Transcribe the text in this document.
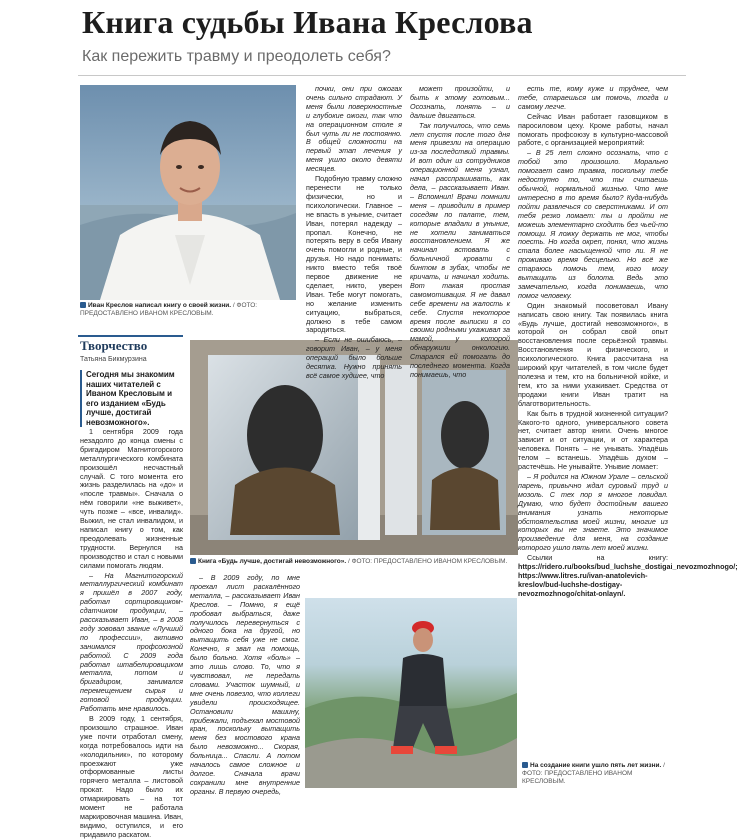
Книга судьбы Ивана Креслова
Как пережить травму и преодолеть себя?
Иван Креслов написал книгу о своей жизни. / ФОТО: ПРЕДОСТАВЛЕНО ИВАНОМ КРЕСЛОВЫМ.
Книга «Будь лучше, достигай невозможного». / ФОТО: ПРЕДОСТАВЛЕНО ИВАНОМ КРЕСЛОВЫМ.
На создание книги ушло пять лет жизни. / ФОТО: ПРЕДОСТАВЛЕНО ИВАНОМ КРЕСЛОВЫМ.
Творчество
Татьяна Бикмурзина
Сегодня мы знакомим наших читателей с Иваном Кресловым и его изданием «Будь лучше, достигай невозможного».

1 сентября 2009 года незадолго до конца смены с бригадиром Магнитогорского металлургического комбината произошёл несчастный случай. С того момента его жизнь разделилась на «до» и «после травмы». Сначала о нём говорили «не выживет», чуть позже – «все, инвалид». Выжил, не стал инвалидом, и написал книгу о том, как преодолевать жизненные трудности. Вернулся на производство и стал с новыми силами помогать людям.

– На Магнитогорский металлургический комбинат я пришёл в 2007 году, работал сортировщиком-сдатчиком продукции, – рассказывает Иван, – в 2008 году зововал звание «Лучший по профессии», активно занимался профсоюзной работой. С 2009 года работал штабелировщиком металла, потом и бригадиром, занимался перемещением сырья и готовой продукции. Работать мне нравилось.

В 2009 году, 1 сентября, произошло страшное. Иван уже почти отработал смену, когда потребовалось идти на «колодильник», по которому проезжают уже отформованные листы горячего металла – листовой прокат. Надо было их отмаркировать – на тот момент не работала маркировочная машина. Иван, видимо, оступился, и его придавило раскатом.

почки, они при ожогах очень сильно страдают. У меня были поверхностные и глубокие ожоги, так что на операционном столе я был чуть ли не постоянно. В общей сложности на первый этап лечения у меня ушло около девяти месяцев.

Подобную травму сложно перенести не только физически, но и психологически. Главное – не впасть в уныние, считает Иван, потерял надежду – пропал. Конечно, не потерять веру в себя Ивану очень помогли и родные, и друзья. Но надо понимать: никто вместо тебя твоё первое движение не сделает, никто, уверен Иван. Тебе могут помогать, но желание изменить ситуацию, выбраться, должно в тебе самом зародиться.

– Если не ошибаюсь, – говорит Иван, – у меня операций было больше десятка. Нужно принять всё самое худшее, что

может произойти, и быть к этому готовым... Осознать, понять – и дальше двигаться.

Так получилось, что семь лет спустя после того дня меня привезли на операцию из-за последствий травмы. И вот один из сотрудников операционной меня узнал, начал расспрашивать, как дела, – рассказывает Иван. – Вспомнил! Врачи помнили меня – приводили в пример соседям по палате, тем, которые впадали в уныние, не хотели заниматься восстановлением. Я же начинал встовать с больничной кровати с бинтом в зубах, чтобы не кричать, и начинал ходить. Вот такая простая самомотивация. Я не давал себе времени на жалость к себе. Спустя некоторое время после выписки я со своими родными ухаживал за мамой, у которой обнаружили онкологию. Старался ей помогать до последнего момента. Когда понимаешь, что

– В 2009 году, по мне проехал лист раскалённого металла, – рассказывает Иван Креслов. – Помню, я ещё пробовал выбраться, даже получилось перевернуться с одного бока на другой, но вытащить себя уже не смог. Конечно, я звал на помощь, было больно. Хотя «боль» – это лишь слово. То, что я чувствовал, не передать словами. Участок шумный, и мне очень повезло, что коллеги увидели происходящее. Остановили машину, прибежали, подъехал мостовой кран, поскольку вытащить меня без мостового крана было невозможно... Скорая, больница... Спасли. А потом началось самое сложное и долгое. Сначала врачи сохранили мне внутренние органы. В первую очередь,

есть те, кому куже и труднее, чем тебе, стараешься им помочь, тогда и самому легче.

Сейчас Иван работает газовщиком в паросиловом цеху. Кроме работы, начал помогать профсоюзу в культурно-массовой работе, с организацией мероприятий:

– В 25 лет сложно осознать, что с тобой это произошло. Морально помогает само травма, поскольку тебе недоступно то, что ты считаешь обычной, нормальной жизнью. Что мне интересно в то время было? Куда-нибудь пойти развлечься со сверстниками. И от тебя резко ломает: ты и пройти не можешь элементарно сходить без чьей-то помощи. Я ложку держать не мог, чтобы поесть. Но когда окреп, понял, что жизнь стала более насыщенной что ли. Я не проживаю время бесцельно. Но всё же стараюсь помочь тем, кого могу вытащить из болота. Ведь это замечательно, когда понимаешь, что помог человеку.

Один знакомый посоветовал Ивану написать свою книгу. Так появилась книга «Будь лучше, достигай невозможного», в которой он собрал свой опыт восстановления после серьёзной травмы. Восстановления и физического, и психологического. Книга рассчитана на широкий круг читателей, в том числе будет полезна и тем, кто на больничной койке, и тем, кто за ними ухаживает. Средства от продажи книги Иван тратит на благотворительность.

Как быть в трудной жизненной ситуации? Какого-то одного, универсального совета нет, считает автор книги. Очень многое зависит и от ситуации, и от характера человека. Понять – не унывать. Упадёшь телом – встанешь. Упадёшь духом – растечёшь. Не унывайте. Унывие ломает:

– Я родился на Южном Урале – сельской парень, привычно ждал суровый труд и мозоль. С тех пор я многое повидал. Думаю, что будет достойным вашего внимания узнать некоторые обстоятельства моей жизни, многие из которых вы не знаете. Это значимое произведение для меня, на создание которого ушло пять лет моей жизни.

Ссылки на книгу: https://ridero.ru/books/bud_luchshe_dostigai_nevozmozhnogo/; https://www.litres.ru/ivan-anatolevich-kreslov/bud-luchshe-dostigay-nevozmozhnogo/chitat-onlayn/.
